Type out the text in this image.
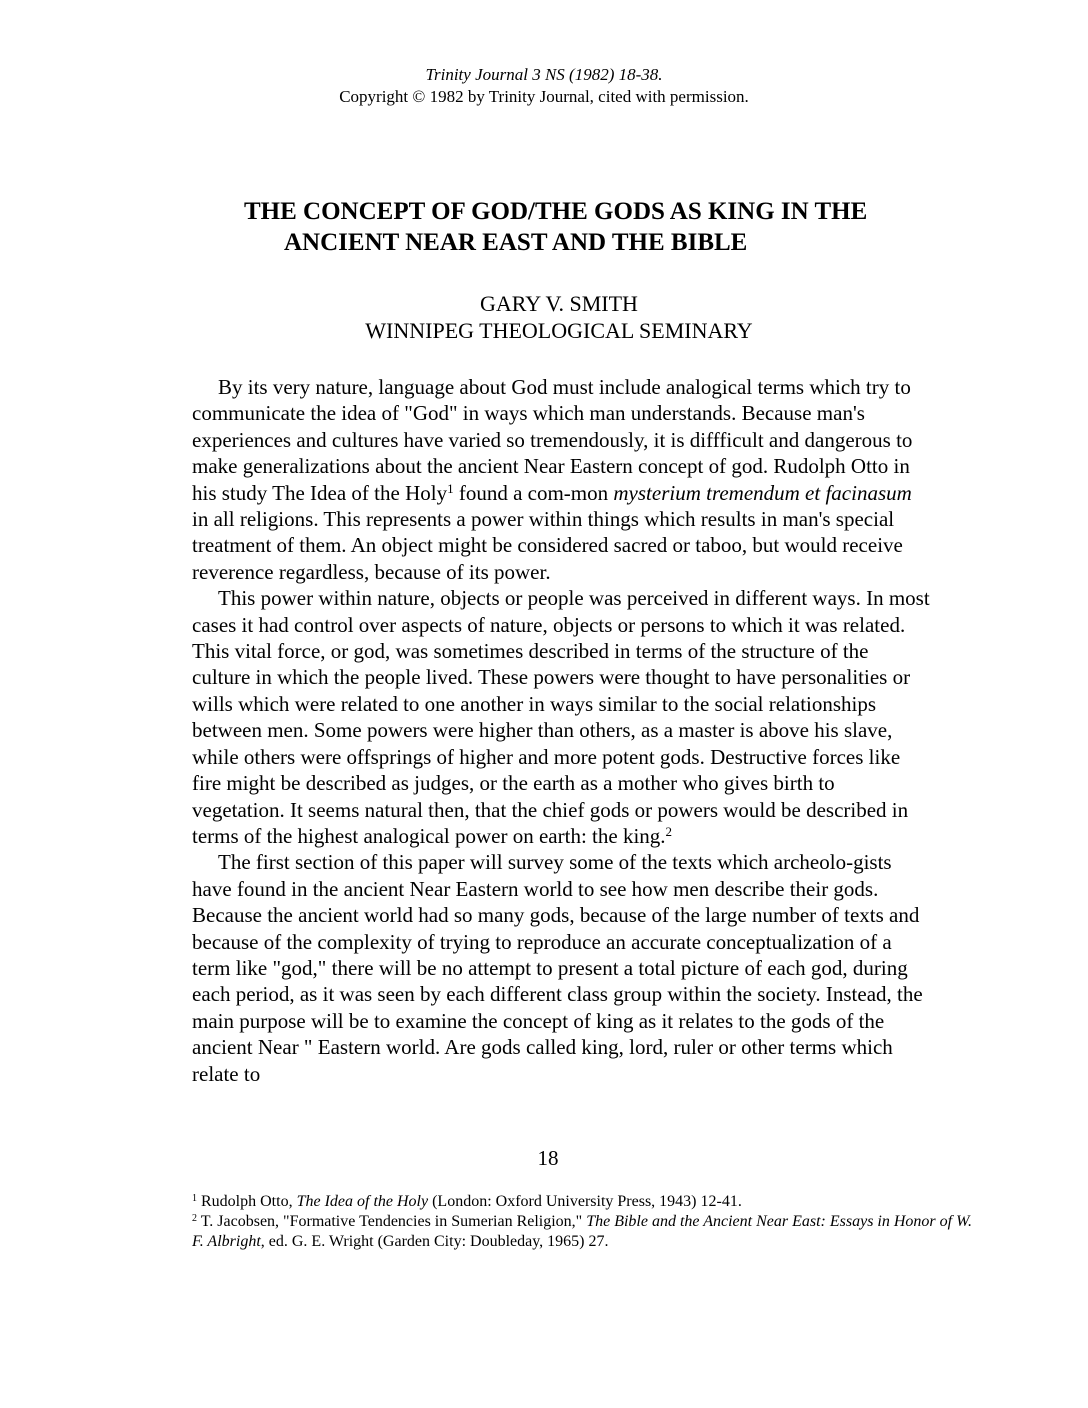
Trinity Journal 3 NS (1982) 18-38.
Copyright © 1982 by Trinity Journal, cited with permission.
THE CONCEPT OF GOD/THE GODS AS KING IN THE
ANCIENT NEAR EAST AND THE BIBLE
GARY V. SMITH
WINNIPEG THEOLOGICAL SEMINARY

By its very nature, language about God must include analogical terms which try to communicate the idea of "God" in ways which man understands. Because man's experiences and cultures have varied so tremendously, it is diffficult and dangerous to make generalizations about the ancient Near Eastern concept of god. Rudolph Otto in his study The Idea of the Holy$^1$ found a com-mon mysterium tremendum et facinasum in all religions. This represents a power within things which results in man's special treatment of them. An object might be considered sacred or taboo, but would receive reverence regardless, because of its power.

This power within nature, objects or people was perceived in different ways. In most cases it had control over aspects of nature, objects or persons to which it was related. This vital force, or god, was sometimes described in terms of the structure of the culture in which the people lived. These powers were thought to have personalities or wills which were related to one another in ways similar to the social relationships between men. Some powers were higher than others, as a master is above his slave, while others were offsprings of higher and more potent gods. Destructive forces like fire might be described as judges, or the earth as a mother who gives birth to vegetation. It seems natural then, that the chief gods or powers would be described in terms of the highest analogical power on earth: the king.$^2$

The first section of this paper will survey some of the texts which archeolo-gists have found in the ancient Near Eastern world to see how men describe their gods. Because the ancient world had so many gods, because of the large number of texts and because of the complexity of trying to reproduce an accurate conceptualization of a term like "god," there will be no attempt to present a total picture of each god, during each period, as it was seen by each different class group within the society. Instead, the main purpose will be to examine the concept of king as it relates to the gods of the ancient Near " Eastern world. Are gods called king, lord, ruler or other terms which relate to

18

$^1$ Rudolph Otto, The Idea of the Holy (London: Oxford University Press, 1943) 12-41.

$^2$ T. Jacobsen, "Formative Tendencies in Sumerian Religion," The Bible and the Ancient Near East: Essays in Honor of W. F. Albright, ed. G. E. Wright (Garden City: Doubleday, 1965) 27.
